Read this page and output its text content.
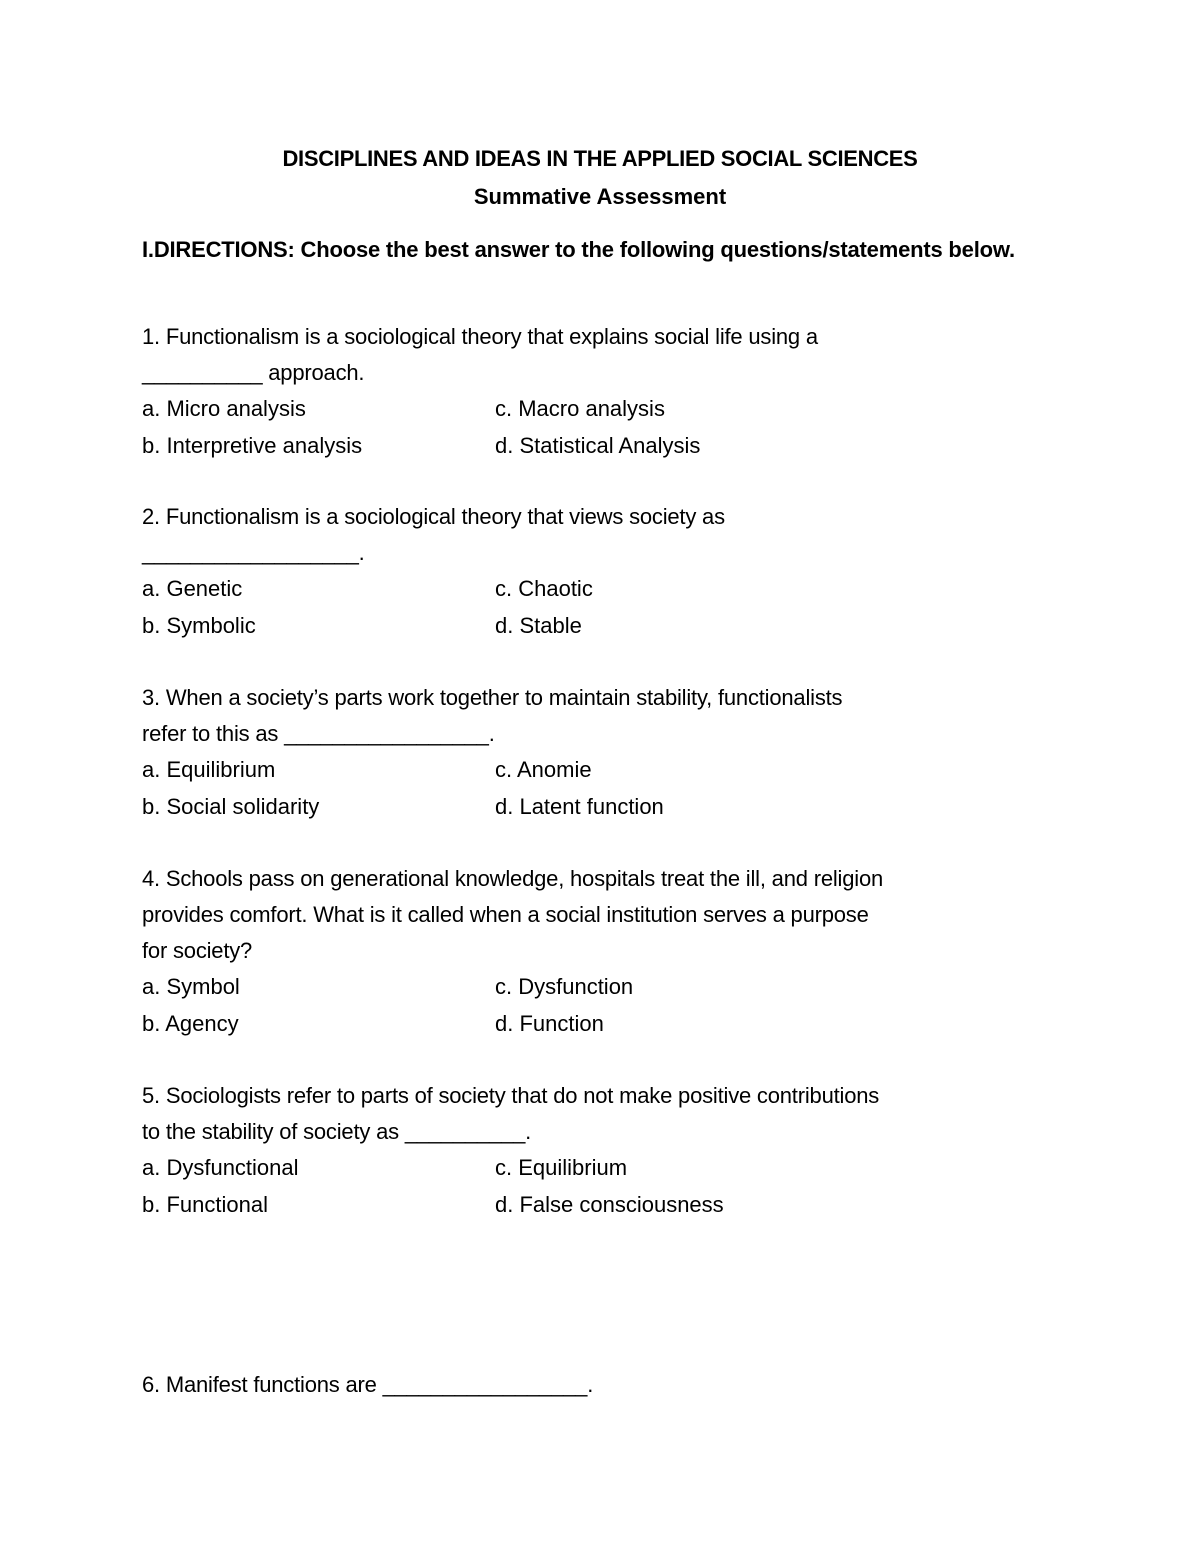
DISCIPLINES AND IDEAS IN THE APPLIED SOCIAL SCIENCES
Summative Assessment
I.DIRECTIONS: Choose the best answer to the following questions/statements below.
1. Functionalism is a sociological theory that explains social life using a
__________ approach.
a. Micro analysis	c. Macro analysis
b. Interpretive analysis	d. Statistical Analysis
2. Functionalism is a sociological theory that views society as
__________________.
a. Genetic	c. Chaotic
b. Symbolic	d. Stable
3. When a society’s parts work together to maintain stability, functionalists
refer to this as _________________.
a. Equilibrium	c. Anomie
b. Social solidarity	d. Latent function
4. Schools pass on generational knowledge, hospitals treat the ill, and religion
provides comfort. What is it called when a social institution serves a purpose
for society?
a. Symbol	c. Dysfunction
b. Agency	d. Function
5. Sociologists refer to parts of society that do not make positive contributions
to the stability of society as __________.
a. Dysfunctional	c. Equilibrium
b. Functional	d. False consciousness
6. Manifest functions are _________________.
